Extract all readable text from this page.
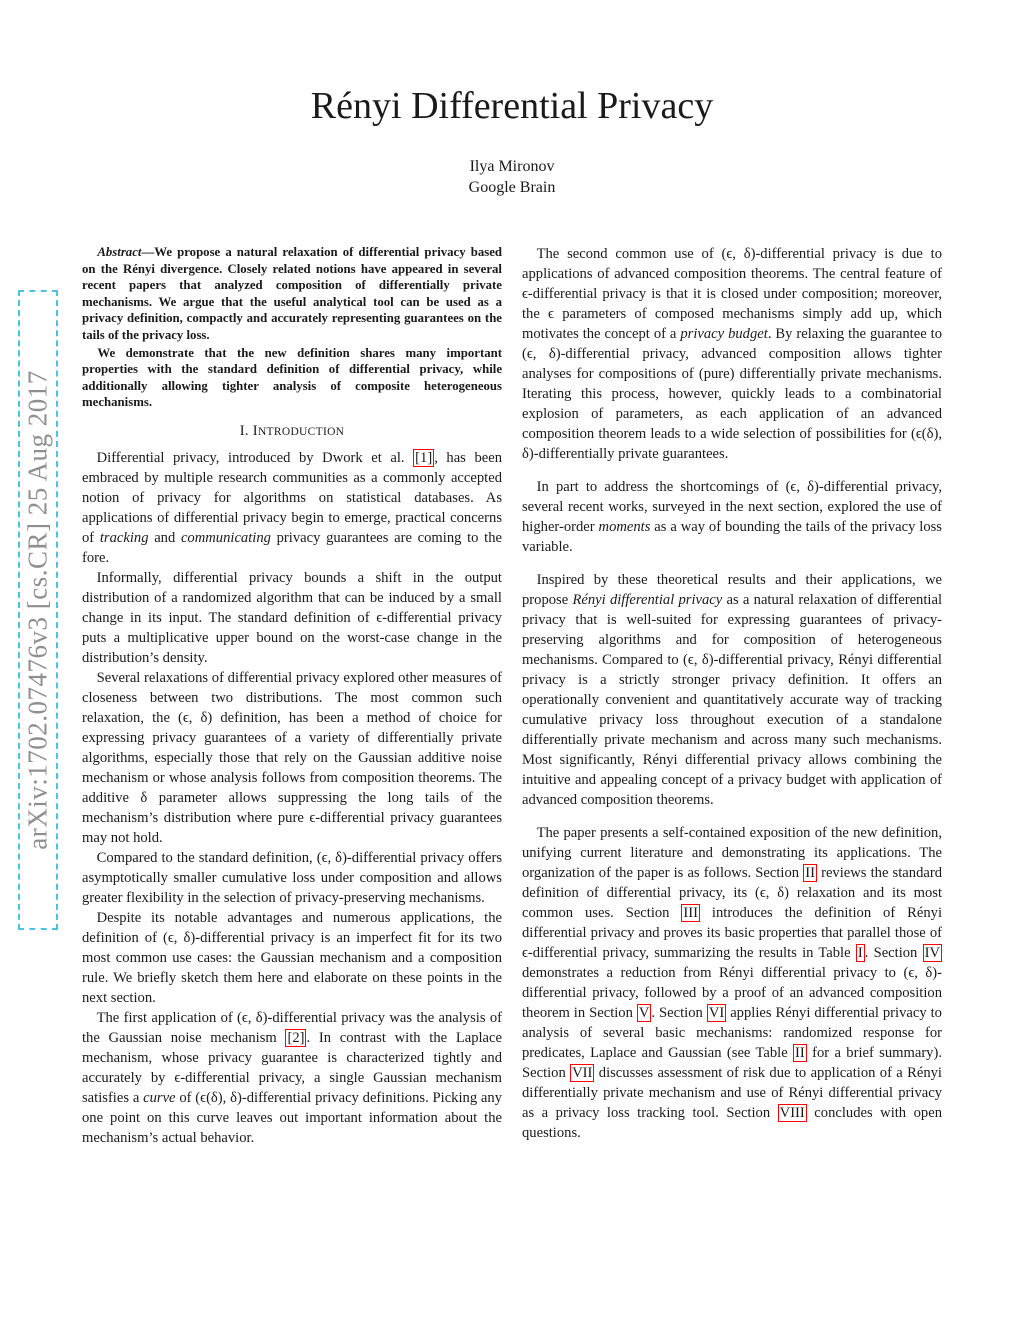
arXiv:1702.07476v3 [cs.CR] 25 Aug 2017
Rényi Differential Privacy
Ilya Mironov
Google Brain

Abstract—We propose a natural relaxation of differential privacy based on the Rényi divergence. Closely related notions have appeared in several recent papers that analyzed composition of differentially private mechanisms. We argue that the useful analytical tool can be used as a privacy definition, compactly and accurately representing guarantees on the tails of the privacy loss.

We demonstrate that the new definition shares many important properties with the standard definition of differential privacy, while additionally allowing tighter analysis of composite heterogeneous mechanisms.

I. INTRODUCTION

Differential privacy, introduced by Dwork et al. [1] , has been embraced by multiple research communities as a commonly accepted notion of privacy for algorithms on statistical databases. As applications of differential privacy begin to emerge, practical concerns of tracking and communicating privacy guarantees are coming to the fore.

Informally, differential privacy bounds a shift in the output distribution of a randomized algorithm that can be induced by a small change in its input. The standard definition of ϵ-differential privacy puts a multiplicative upper bound on the worst-case change in the distribution’s density.

Several relaxations of differential privacy explored other measures of closeness between two distributions. The most common such relaxation, the (ϵ, δ) definition, has been a method of choice for expressing privacy guarantees of a variety of differentially private algorithms, especially those that rely on the Gaussian additive noise mechanism or whose analysis follows from composition theorems. The additive δ parameter allows suppressing the long tails of the mechanism’s distribution where pure ϵ-differential privacy guarantees may not hold.

Compared to the standard definition, (ϵ, δ)-differential privacy offers asymptotically smaller cumulative loss under composition and allows greater flexibility in the selection of privacy-preserving mechanisms.

Despite its notable advantages and numerous applications, the definition of (ϵ, δ)-differential privacy is an imperfect fit for its two most common use cases: the Gaussian mechanism and a composition rule. We briefly sketch them here and elaborate on these points in the next section.

The first application of (ϵ, δ)-differential privacy was the analysis of the Gaussian noise mechanism [2] . In contrast with the Laplace mechanism, whose privacy guarantee is characterized tightly and accurately by ϵ-differential privacy, a single Gaussian mechanism satisfies a curve of (ϵ(δ), δ)-differential privacy definitions. Picking any one point on this curve leaves out important information about the mechanism’s actual behavior.

The second common use of (ϵ, δ)-differential privacy is due to applications of advanced composition theorems. The central feature of ϵ-differential privacy is that it is closed under composition; moreover, the ϵ parameters of composed mechanisms simply add up, which motivates the concept of a privacy budget. By relaxing the guarantee to (ϵ, δ)-differential privacy, advanced composition allows tighter analyses for compositions of (pure) differentially private mechanisms. Iterating this process, however, quickly leads to a combinatorial explosion of parameters, as each application of an advanced composition theorem leads to a wide selection of possibilities for (ϵ(δ), δ)-differentially private guarantees.

In part to address the shortcomings of (ϵ, δ)-differential privacy, several recent works, surveyed in the next section, explored the use of higher-order moments as a way of bounding the tails of the privacy loss variable.

Inspired by these theoretical results and their applications, we propose Rényi differential privacy as a natural relaxation of differential privacy that is well-suited for expressing guarantees of privacy-preserving algorithms and for composition of heterogeneous mechanisms. Compared to (ϵ, δ)-differential privacy, Rényi differential privacy is a strictly stronger privacy definition. It offers an operationally convenient and quantitatively accurate way of tracking cumulative privacy loss throughout execution of a standalone differentially private mechanism and across many such mechanisms. Most significantly, Rényi differential privacy allows combining the intuitive and appealing concept of a privacy budget with application of advanced composition theorems.

The paper presents a self-contained exposition of the new definition, unifying current literature and demonstrating its applications. The organization of the paper is as follows. Section II reviews the standard definition of differential privacy, its (ϵ, δ) relaxation and its most common uses. Section III introduces the definition of Rényi differential privacy and proves its basic properties that parallel those of ϵ-differential privacy, summarizing the results in Table I . Section IV demonstrates a reduction from Rényi differential privacy to (ϵ, δ)-differential privacy, followed by a proof of an advanced composition theorem in Section V . Section VI applies Rényi differential privacy to analysis of several basic mechanisms: randomized response for predicates, Laplace and Gaussian (see Table II for a brief summary). Section VII discusses assessment of risk due to application of a Rényi differentially private mechanism and use of Rényi differential privacy as a privacy loss tracking tool. Section VIII concludes with open questions.
